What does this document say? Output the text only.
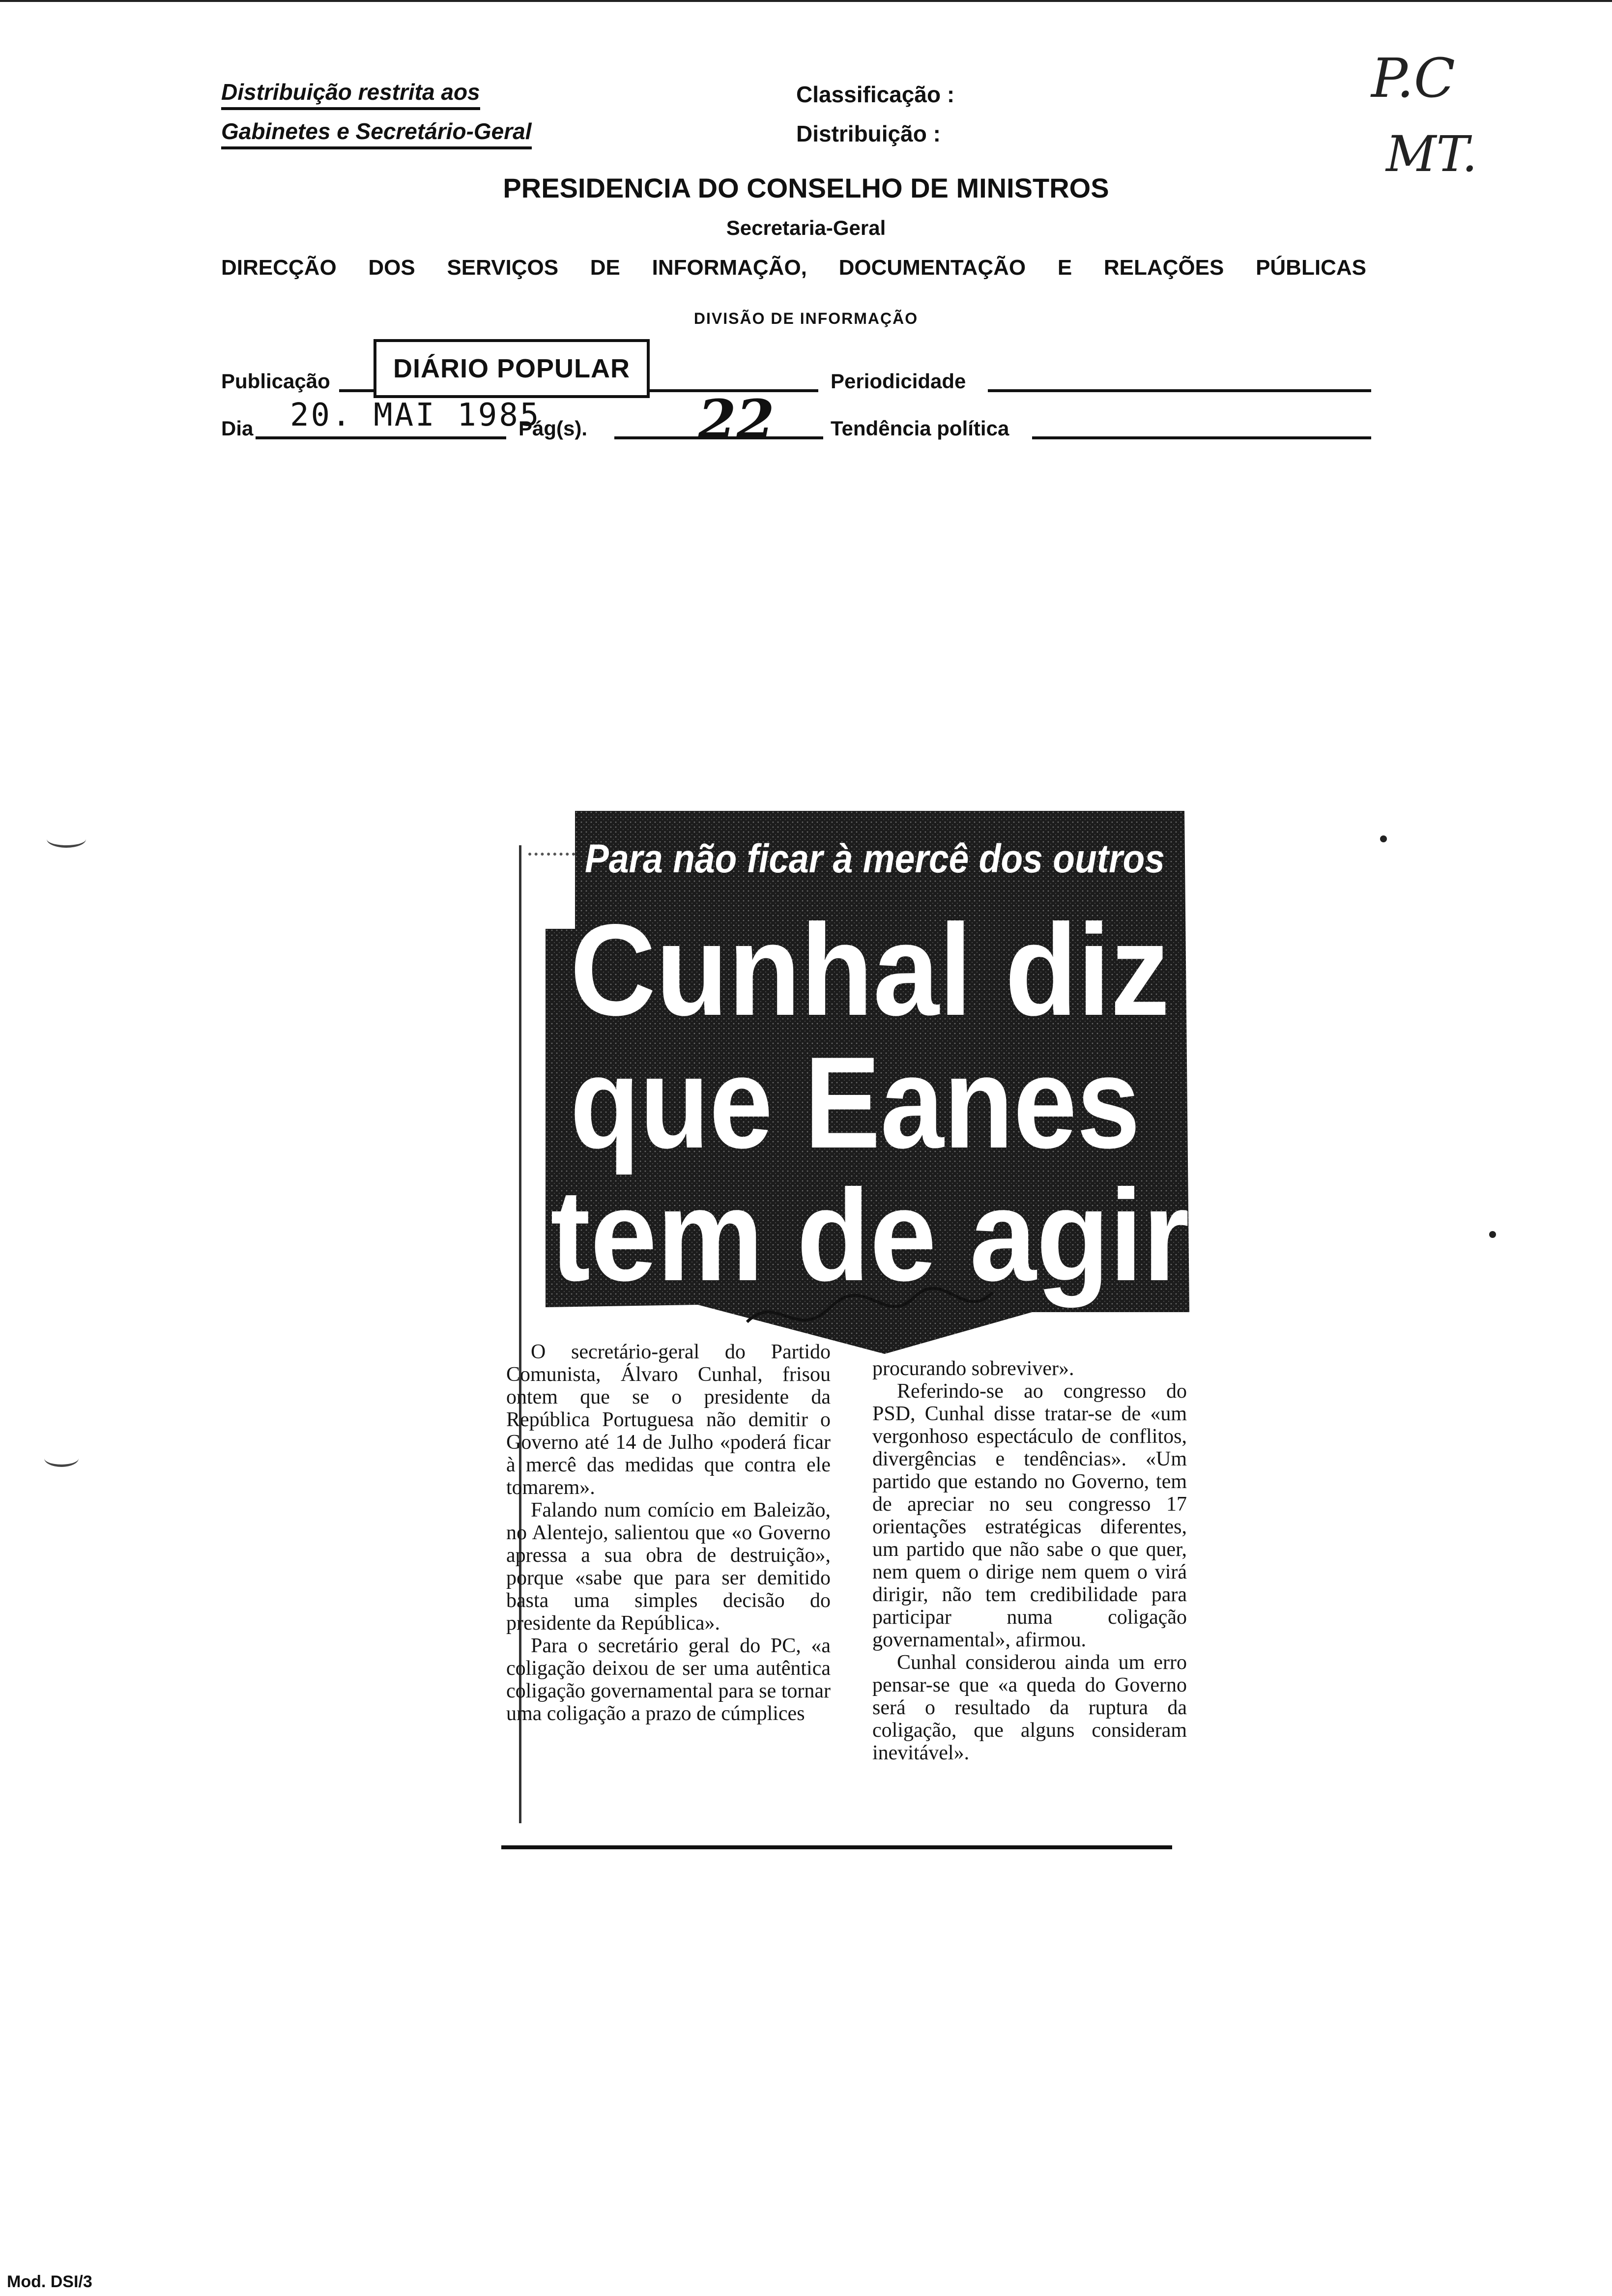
Distribuição restrita aos
Gabinetes e Secretário-Geral
Classificação :
Distribuição :
P.C
MT.
PRESIDENCIA DO CONSELHO DE MINISTROS
Secretaria-Geral
DIRECÇÃO DOS SERVIÇOS DE INFORMAÇÃO, DOCUMENTAÇÃO E RELAÇÕES PÚBLICAS
DIVISÃO DE INFORMAÇÃO
Publicação	DIÁRIO POPULAR	Periodicidade
Dia 20. MAI 1985
Pág(s). 22	Tendência política
Para não ficar à mercê dos outros
Cunhal diz
que Eanes
tem de agir

O secretário-geral do Partido Comunista, Álvaro Cunhal, frisou ontem que se o presidente da República Portuguesa não demitir o Governo até 14 de Julho «poderá ficar à mercê das medidas que contra ele tomarem».

Falando num comício em Baleizão, no Alentejo, salientou que «o Governo apressa a sua obra de destruição», porque «sabe que para ser demitido basta uma simples decisão do presidente da República».

Para o secretário geral do PC, «a coligação deixou de ser uma autêntica coligação governamental para se tornar uma coligação a prazo de cúmplices

procurando sobreviver».

Referindo-se ao congresso do PSD, Cunhal disse tratar-se de «um vergonhoso espectáculo de conflitos, divergências e tendências». «Um partido que estando no Governo, tem de apreciar no seu congresso 17 orientações estratégicas diferentes, um partido que não sabe o que quer, nem quem o dirige nem quem o virá dirigir, não tem credibilidade para participar numa coligação governamental», afirmou.

Cunhal considerou ainda um erro pensar-se que «a queda do Governo será o resultado da ruptura da coligação, que alguns consideram inevitável».

Mod. DSI/3
